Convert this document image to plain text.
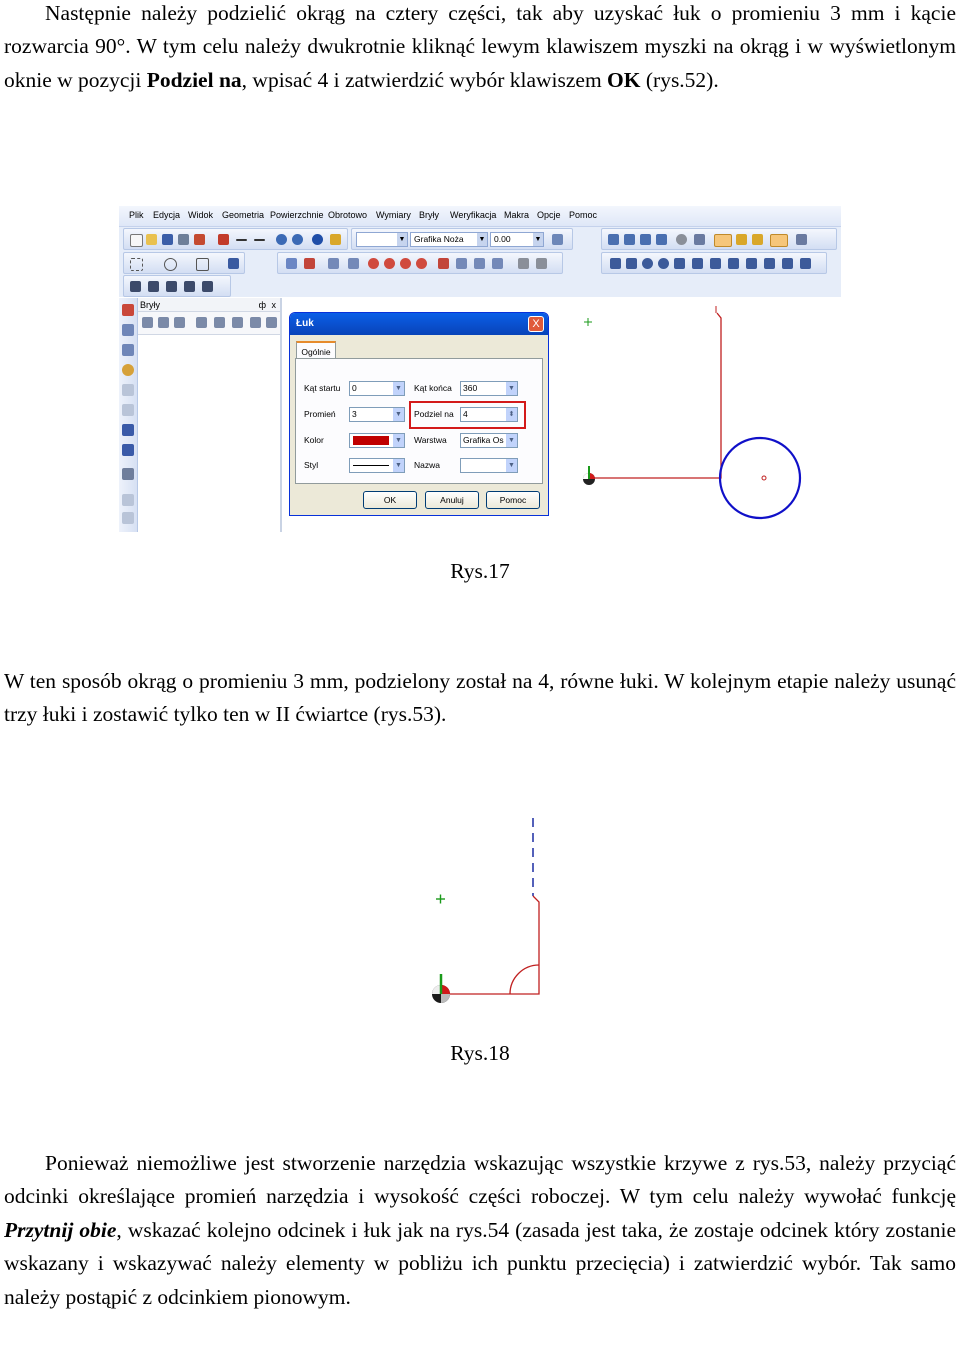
Następnie należy podzielić okrąg na cztery części, tak aby uzyskać łuk o promieniu 3 mm i kącie rozwarcia 90°. W tym celu należy dwukrotnie kliknąć lewym klawiszem myszki na okrąg i w wyświetlonym oknie w pozycji Podziel na, wpisać 4 i zatwierdzić wybór klawiszem OK (rys.52).

Plik Edycja Widok Geometria Powierzchnie Obrotowo Wymiary Bryły Weryfikacja Makra Opcje Pomoc
▼	Grafika Nożа ▼	0.00	▼
Bryły	ф x
Łuk	X
Ogólnie
Kąt startu	0	▼ Kąt końca	360	▼
Promień	3	▼ Podziel na	4	⬍
Kolor	▼ Warstwa	Grafika Os ▼
Styl	▼ Nazwa	▼
OK	Anuluj	Pomoc
Rys.17

W ten sposób okrąg o promieniu 3 mm, podzielony został na 4, równe łuki. W kolejnym etapie należy usunąć trzy łuki i zostawić tylko ten w II ćwiartce (rys.53).

Rys.18

Ponieważ niemożliwe jest stworzenie narzędzia wskazując wszystkie krzywe z rys.53, należy przyciąć odcinki określające promień narzędzia i wysokość części roboczej. W tym celu należy wywołać funkcję Przytnij obie, wskazać kolejno odcinek i łuk jak na rys.54 (zasada jest taka, że zostaje odcinek który zostanie wskazany i wskazywać należy elementy w pobliżu ich punktu przecięcia) i zatwierdzić wybór. Tak samo należy postąpić z odcinkiem pionowym.
